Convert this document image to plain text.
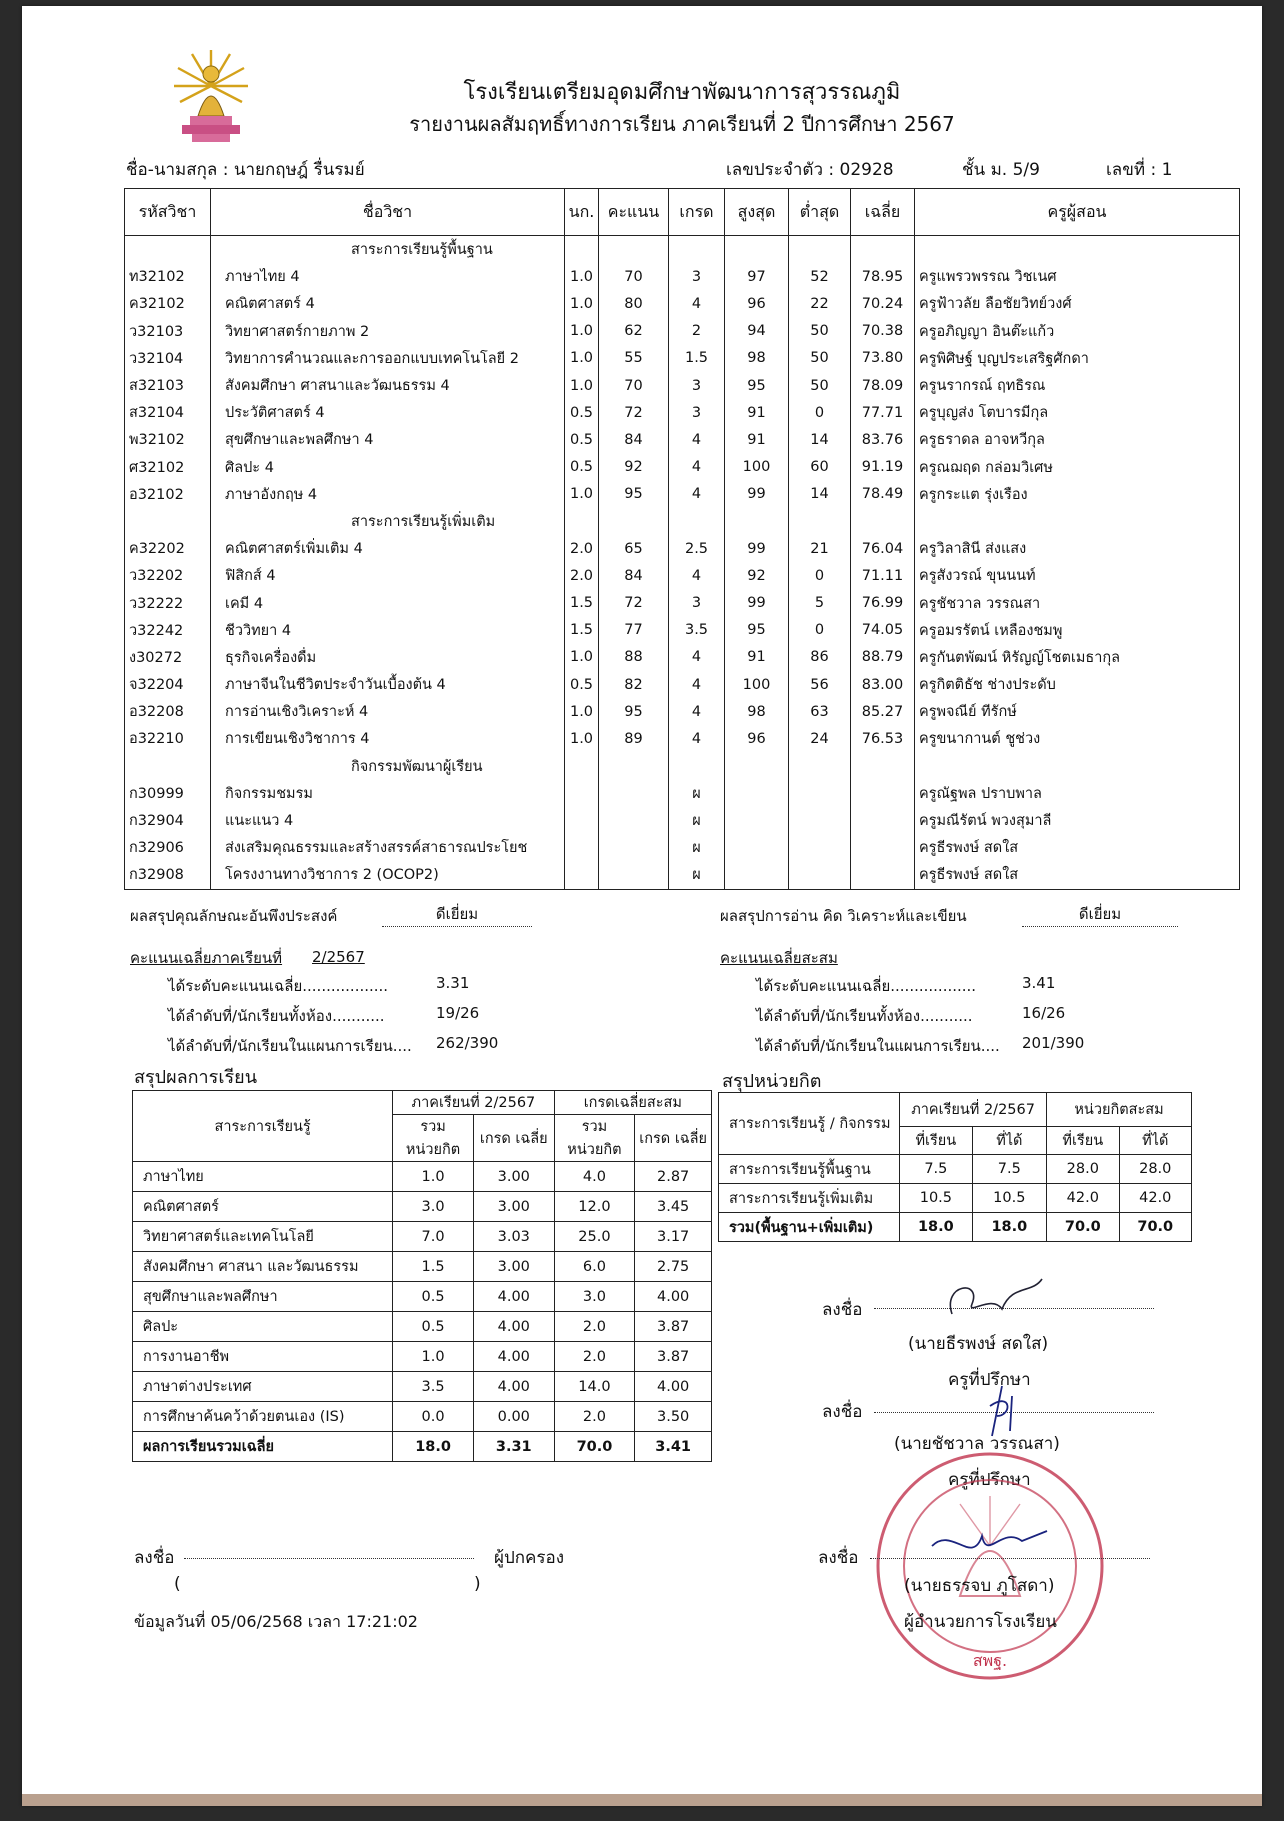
โรงเรียนเตรียมอุดมศึกษาพัฒนาการสุวรรณภูมิ
รายงานผลสัมฤทธิ์ทางการเรียน ภาคเรียนที่ 2 ปีการศึกษา 2567
ชื่อ-นามสกุล : นายกฤษฎ์ รื่นรมย์	เลขประจำตัว : 02928	ชั้น ม. 5/9	เลขที่ : 1
รหัสวิชา	ชื่อวิชา	นก.	คะแนน	เกรด	สูงสุด	ต่ำสุด	เฉลี่ย	ครูผู้สอน
	สาระการเรียนรู้พื้นฐาน							
ท32102	ภาษาไทย 4	1.0	70	3	97	52	78.95	ครูแพรวพรรณ วิชเนศ
ค32102	คณิตศาสตร์ 4	1.0	80	4	96	22	70.24	ครูฟ้าวลัย ลือชัยวิทย์วงศ์
ว32103	วิทยาศาสตร์กายภาพ 2	1.0	62	2	94	50	70.38	ครูอภิญญา อินต๊ะแก้ว
ว32104	วิทยาการคำนวณและการออกแบบเทคโนโลยี 2	1.0	55	1.5	98	50	73.80	ครูพิศิษฐ์ บุญประเสริฐศักดา
ส32103	สังคมศึกษา ศาสนาและวัฒนธรรม 4	1.0	70	3	95	50	78.09	ครูนรากรณ์ ฤทธิรณ
ส32104	ประวัติศาสตร์ 4	0.5	72	3	91	0	77.71	ครูบุญส่ง โตบารมีกุล
พ32102	สุขศึกษาและพลศึกษา 4	0.5	84	4	91	14	83.76	ครูธราดล อาจหวีกุล
ศ32102	ศิลปะ 4	0.5	92	4	100	60	91.19	ครูณฌฤด กล่อมวิเศษ
อ32102	ภาษาอังกฤษ 4	1.0	95	4	99	14	78.49	ครูกระแต รุ่งเรือง
	สาระการเรียนรู้เพิ่มเติม							
ค32202	คณิตศาสตร์เพิ่มเติม 4	2.0	65	2.5	99	21	76.04	ครูวิลาสินี ส่งแสง
ว32202	ฟิสิกส์ 4	2.0	84	4	92	0	71.11	ครูสังวรณ์ ขุนนนท์
ว32222	เคมี 4	1.5	72	3	99	5	76.99	ครูชัชวาล วรรณสา
ว32242	ชีววิทยา 4	1.5	77	3.5	95	0	74.05	ครูอมรรัตน์ เหลืองชมพู
ง30272	ธุรกิจเครื่องดื่ม	1.0	88	4	91	86	88.79	ครูกันตพัฒน์ หิรัญญ์โชตเมธากุล
จ32204	ภาษาจีนในชีวิตประจำวันเบื้องต้น 4	0.5	82	4	100	56	83.00	ครูกิตติธัช ช่างประดับ
อ32208	การอ่านเชิงวิเคราะห์ 4	1.0	95	4	98	63	85.27	ครูพจณีย์ ทีรักษ์
อ32210	การเขียนเชิงวิชาการ 4	1.0	89	4	96	24	76.53	ครูขนากานต์ ชูช่วง
	กิจกรรมพัฒนาผู้เรียน							
ก30999	กิจกรรมชมรม			ผ				ครูณัฐพล ปราบพาล
ก32904	แนะแนว 4			ผ				ครูมณีรัตน์ พวงสุมาลี
ก32906	ส่งเสริมคุณธรรมและสร้างสรรค์สาธารณประโยช			ผ				ครูธีรพงษ์ สดใส
ก32908	โครงงานทางวิชาการ 2 (OCOP2)			ผ				ครูธีรพงษ์ สดใส
ผลสรุปคุณลักษณะอันพึงประสงค์	ดีเยี่ยม	ผลสรุปการอ่าน คิด วิเคราะห์และเขียน	ดีเยี่ยม
คะแนนเฉลี่ยภาคเรียนที่ 2/2567
ได้ระดับคะแนนเฉลี่ย..................	3.31
ได้ลำดับที่/นักเรียนทั้งห้อง...........	19/26
ได้ลำดับที่/นักเรียนในแผนการเรียน.... 262/390
คะแนนเฉลี่ยสะสม
ได้ระดับคะแนนเฉลี่ย..................	3.41
ได้ลำดับที่/นักเรียนทั้งห้อง...........	16/26
ได้ลำดับที่/นักเรียนในแผนการเรียน.... 201/390
สรุปผลการเรียน
สาระการเรียนรู้	ภาคเรียนที่ 2/2567		เกรดเฉลี่ยสะสม	
	รวม หน่วยกิต	เกรด เฉลี่ย	รวม หน่วยกิต	เกรด เฉลี่ย
ภาษาไทย	1.0	3.00	4.0	2.87
คณิตศาสตร์	3.0	3.00	12.0	3.45
วิทยาศาสตร์และเทคโนโลยี	7.0	3.03	25.0	3.17
สังคมศึกษา ศาสนา และวัฒนธรรม	1.5	3.00	6.0	2.75
สุขศึกษาและพลศึกษา	0.5	4.00	3.0	4.00
ศิลปะ	0.5	4.00	2.0	3.87
การงานอาชีพ	1.0	4.00	2.0	3.87
ภาษาต่างประเทศ	3.5	4.00	14.0	4.00
การศึกษาค้นคว้าด้วยตนเอง (IS)	0.0	0.00	2.0	3.50
ผลการเรียนรวมเฉลี่ย	18.0	3.31	70.0	3.41
สรุปหน่วยกิต
สาระการเรียนรู้ / กิจกรรม	ภาคเรียนที่ 2/2567		หน่วยกิตสะสม	
	ที่เรียน	ที่ได้	ที่เรียน	ที่ได้
สาระการเรียนรู้พื้นฐาน	7.5	7.5	28.0	28.0
สาระการเรียนรู้เพิ่มเติม	10.5	10.5	42.0	42.0
รวม(พื้นฐาน+เพิ่มเติม)	18.0	18.0	70.0	70.0
ลงชื่อ
(นายธีรพงษ์ สดใส)
ครูที่ปรึกษา
ลงชื่อ
(นายชัชวาล วรรณสา)
ครูที่ปรึกษา
สพฐ.
ลงชื่อ
(นายธรรจบ ภูโสดา)
ผู้อำนวยการโรงเรียน
ลงชื่อ	ผู้ปกครอง
(	)
ข้อมูลวันที่ 05/06/2568 เวลา 17:21:02
